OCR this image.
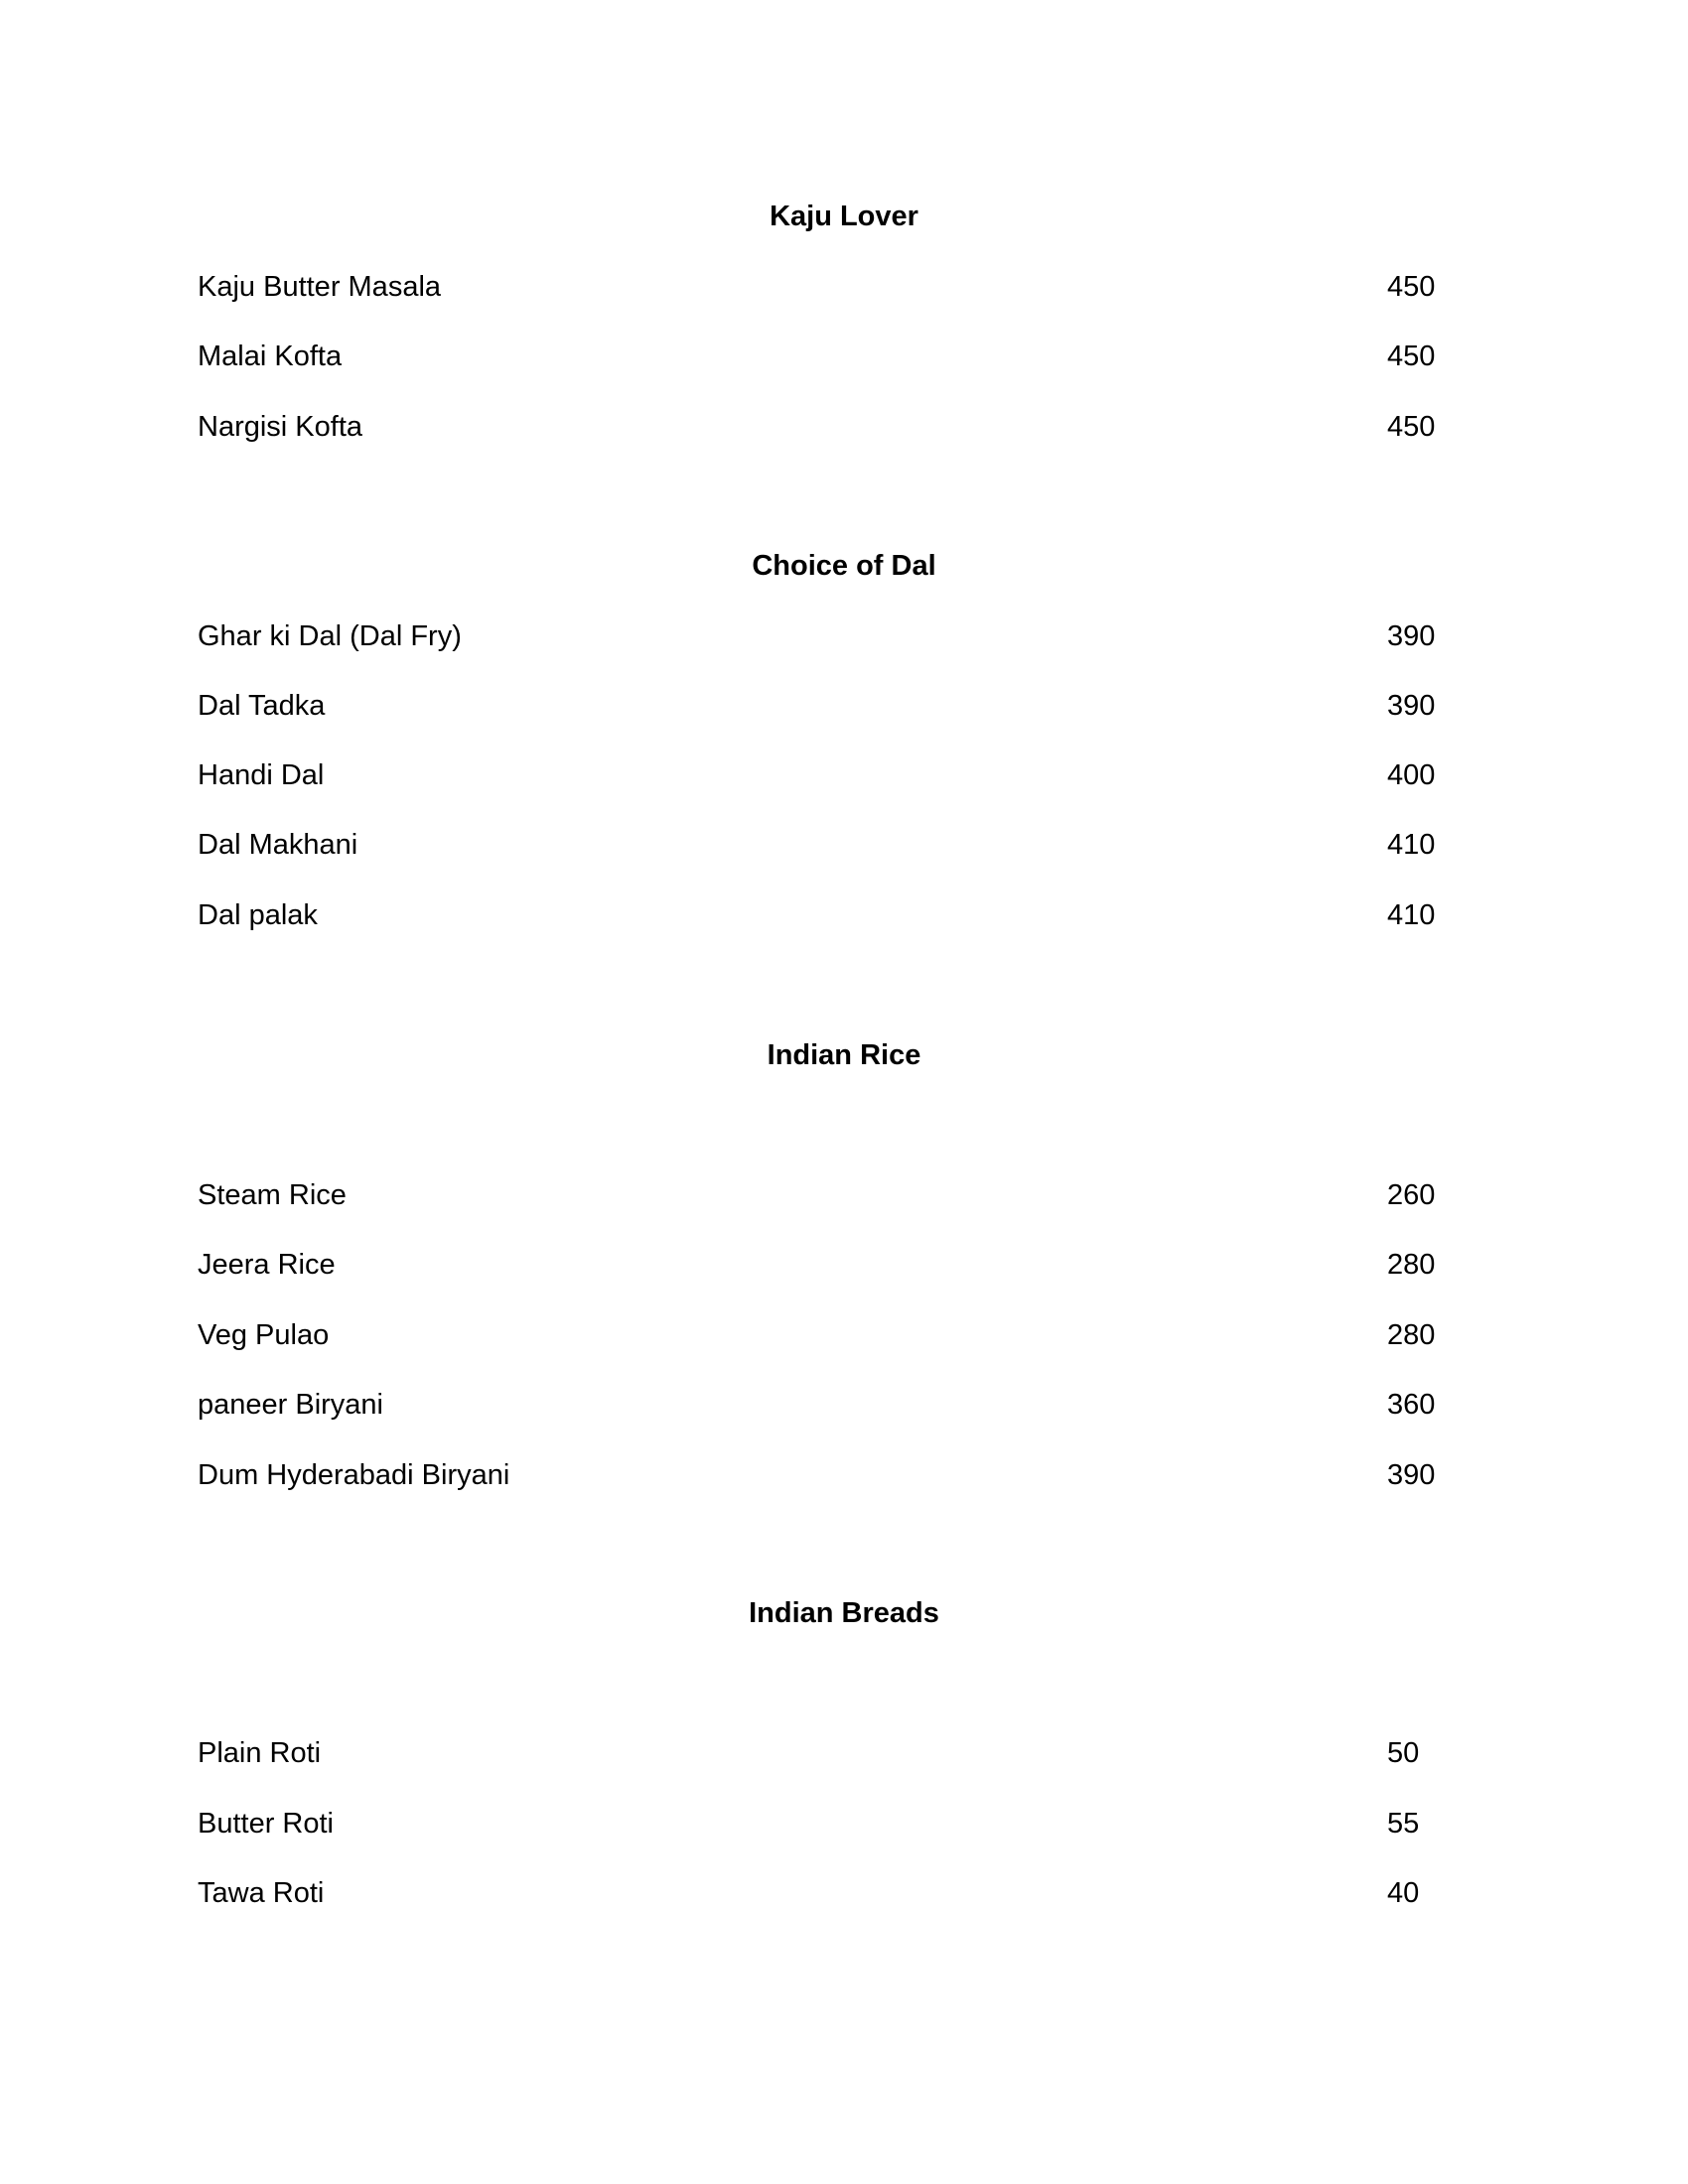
Kaju Lover
Kaju Butter Masala	450
Malai Kofta	450
Nargisi Kofta	450
Choice of Dal
Ghar ki Dal (Dal Fry)	390
Dal Tadka	390
Handi Dal	400
Dal Makhani	410
Dal palak	410
Indian Rice
Steam Rice	260
Jeera Rice	280
Veg Pulao	280
paneer Biryani	360
Dum Hyderabadi Biryani	390
Indian Breads
Plain Roti	50
Butter Roti	55
Tawa Roti	40
